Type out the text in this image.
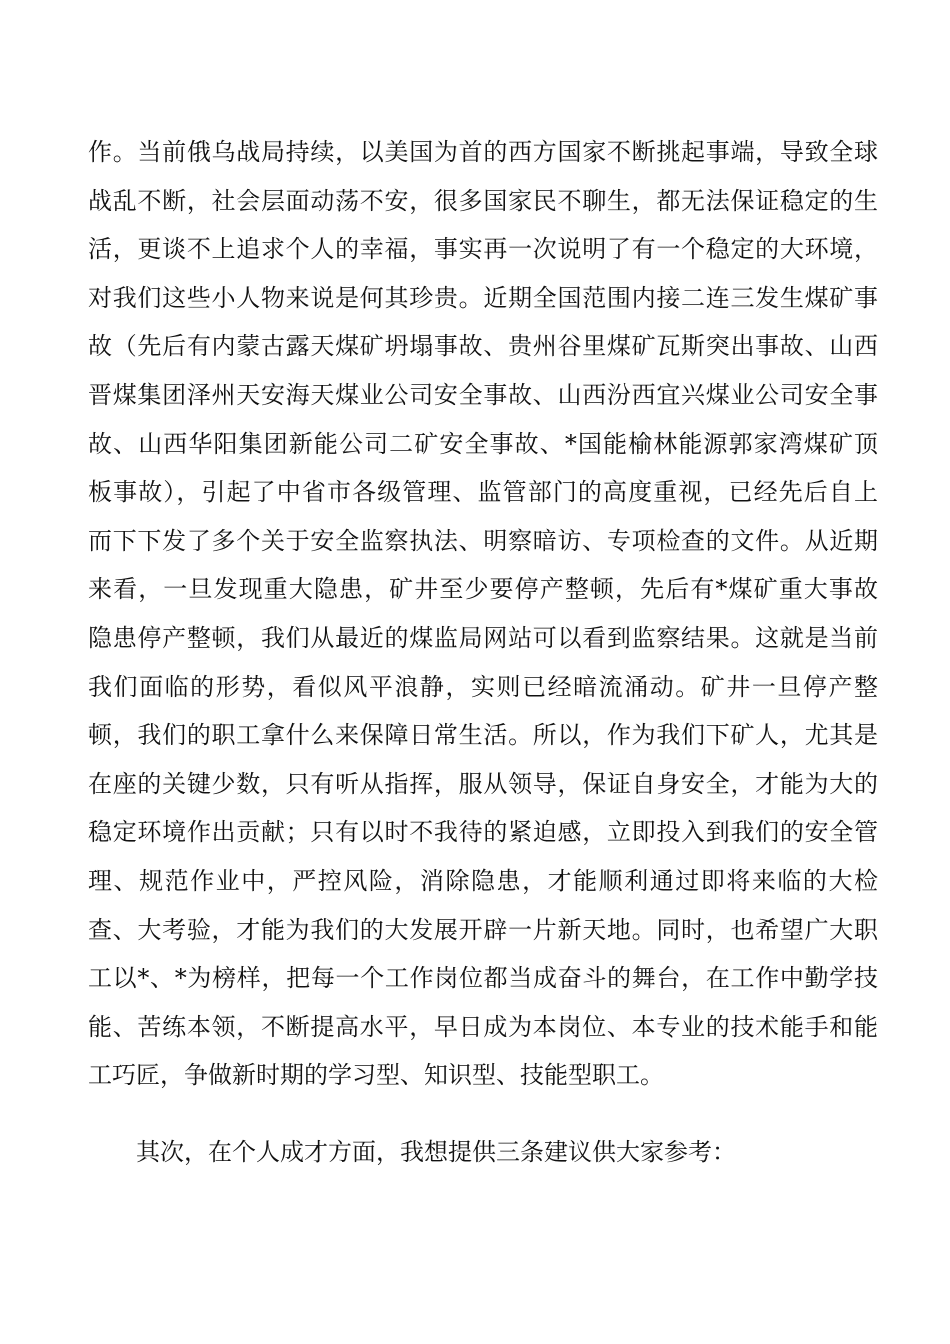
作。当前俄乌战局持续，以美国为首的西方国家不断挑起事端，导致全球
战乱不断，社会层面动荡不安，很多国家民不聊生，都无法保证稳定的生
活，更谈不上追求个人的幸福，事实再一次说明了有一个稳定的大环境，
对我们这些小人物来说是何其珍贵。近期全国范围内接二连三发生煤矿事
故（先后有内蒙古露天煤矿坍塌事故、贵州谷里煤矿瓦斯突出事故、山西
晋煤集团泽州天安海天煤业公司安全事故、山西汾西宜兴煤业公司安全事
故、山西华阳集团新能公司二矿安全事故、*国能榆林能源郭家湾煤矿顶
板事故），引起了中省市各级管理、监管部门的高度重视，已经先后自上
而下下发了多个关于安全监察执法、明察暗访、专项检查的文件。从近期
来看，一旦发现重大隐患，矿井至少要停产整顿，先后有*煤矿重大事故
隐患停产整顿，我们从最近的煤监局网站可以看到监察结果。这就是当前
我们面临的形势，看似风平浪静，实则已经暗流涌动。矿井一旦停产整
顿，我们的职工拿什么来保障日常生活。所以，作为我们下矿人，尤其是
在座的关键少数，只有听从指挥，服从领导，保证自身安全，才能为大的
稳定环境作出贡献；只有以时不我待的紧迫感，立即投入到我们的安全管
理、规范作业中，严控风险，消除隐患，才能顺利通过即将来临的大检
查、大考验，才能为我们的大发展开辟一片新天地。同时，也希望广大职
工以*、*为榜样，把每一个工作岗位都当成奋斗的舞台，在工作中勤学技
能、苦练本领，不断提高水平，早日成为本岗位、本专业的技术能手和能
工巧匠，争做新时期的学习型、知识型、技能型职工。
其次，在个人成才方面，我想提供三条建议供大家参考：
